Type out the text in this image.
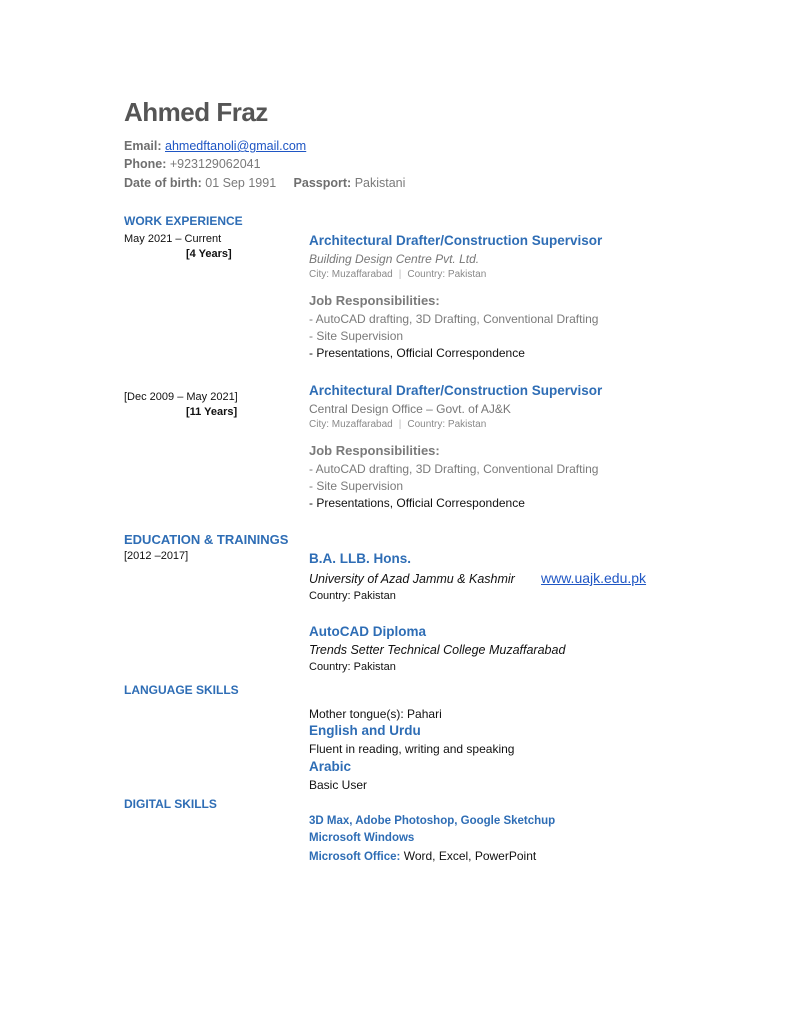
Ahmed Fraz
Email: ahmedftanoli@gmail.com
Phone: +923129062041
Date of birth: 01 Sep 1991 Passport: Pakistani
WORK EXPERIENCE
May 2021 – Current
[4 Years]
Architectural Drafter/Construction Supervisor
Building Design Centre Pvt. Ltd.
City: Muzaffarabad | Country: Pakistan
Job Responsibilities:
- AutoCAD drafting, 3D Drafting, Conventional Drafting
- Site Supervision
- Presentations, Official Correspondence
[Dec 2009 – May 2021]
[11 Years]
Architectural Drafter/Construction Supervisor
Central Design Office – Govt. of AJ&K
City: Muzaffarabad | Country: Pakistan
Job Responsibilities:
- AutoCAD drafting, 3D Drafting, Conventional Drafting
- Site Supervision
- Presentations, Official Correspondence
EDUCATION & TRAININGS
[2012 –2017]	B.A. LLB. Hons.
University of Azad Jammu & Kashmir www.uajk.edu.pk
Country: Pakistan
AutoCAD Diploma
Trends Setter Technical College Muzaffarabad
Country: Pakistan
LANGUAGE SKILLS
Mother tongue(s): Pahari
English and Urdu
Fluent in reading, writing and speaking
Arabic
Basic User
DIGITAL SKILLS
3D Max, Adobe Photoshop, Google Sketchup
Microsoft Windows
Microsoft Office: Word, Excel, PowerPoint
